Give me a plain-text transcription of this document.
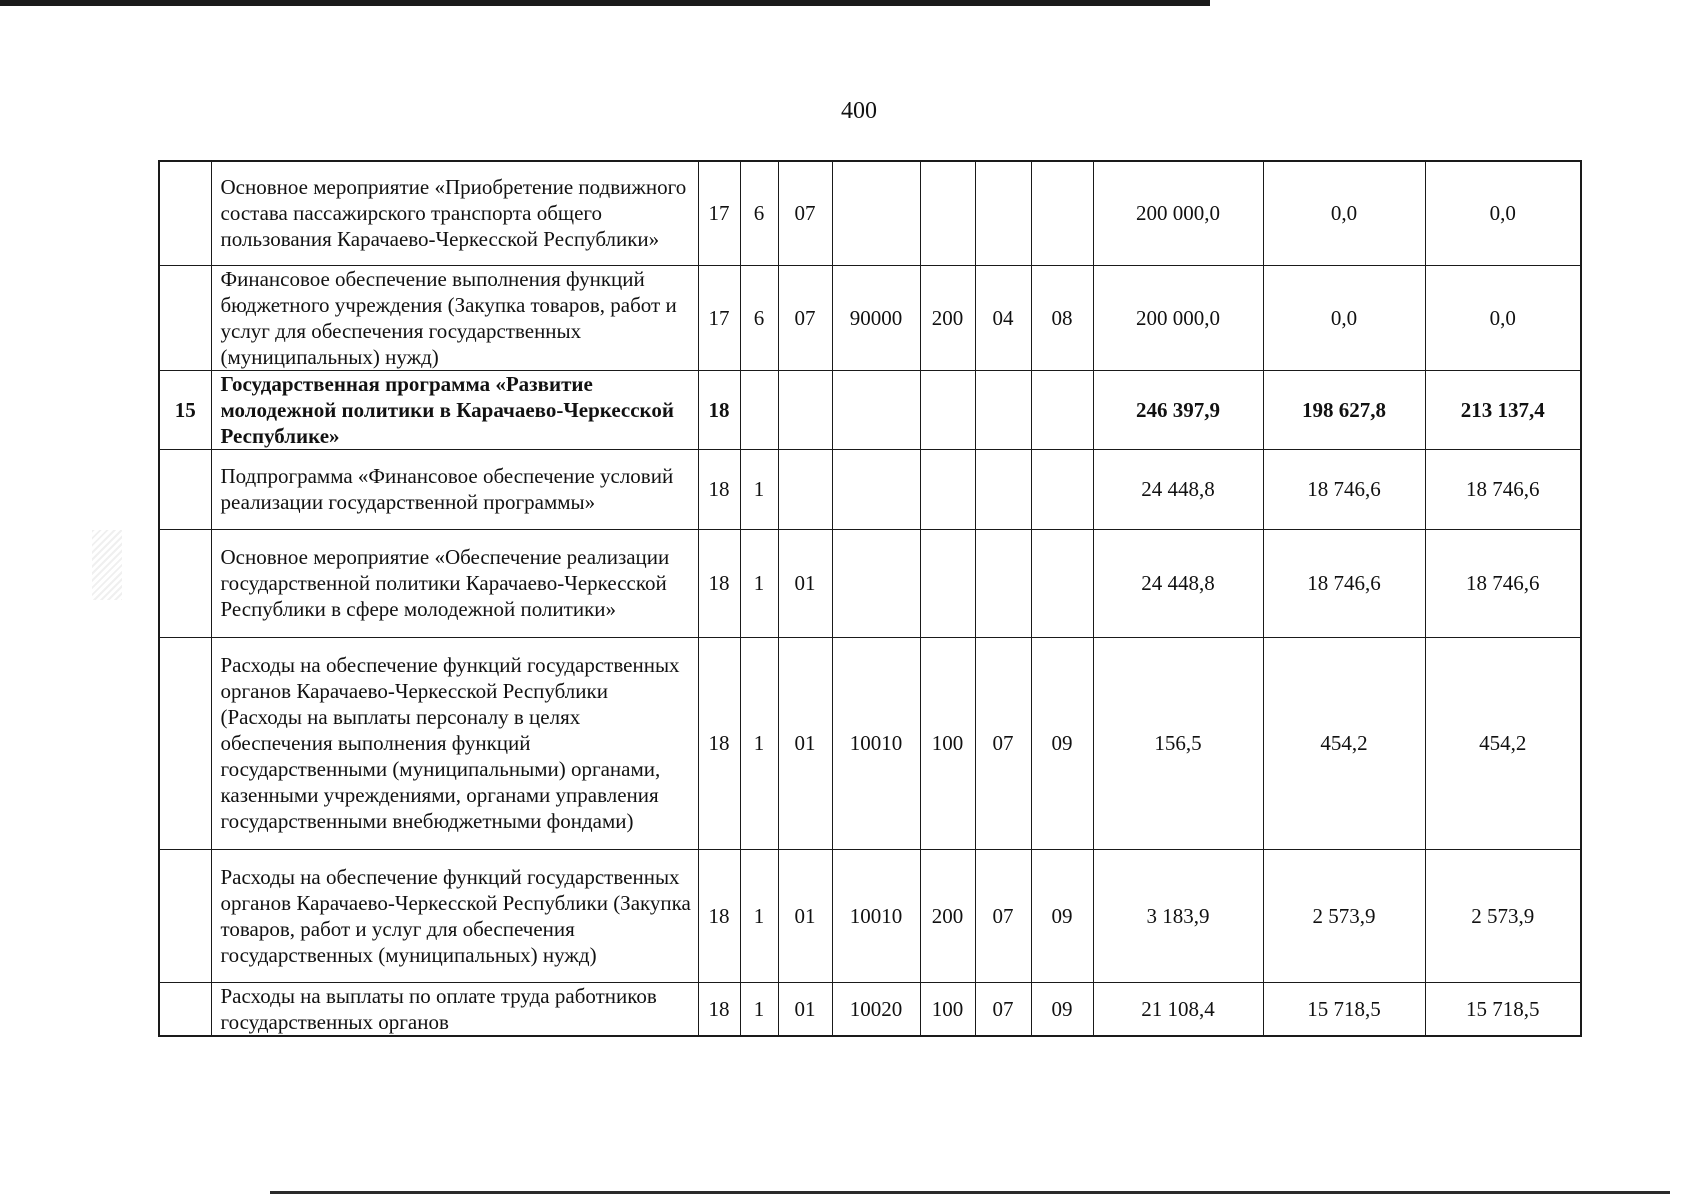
400
	Основное мероприятие «Приобретение подвижного состава пассажирского транспорта общего пользования Карачаево-Черкесской Республики»	17	6	07					200 000,0	0,0	0,0
	Финансовое обеспечение выполнения функций бюджетного учреждения (Закупка товаров, работ и услуг для обеспечения государственных (муниципальных) нужд)	17	6	07	90000	200	04	08	200 000,0	0,0	0,0
15	Государственная программа «Развитие молодежной политики в Карачаево-Черкесской Республике»	18							246 397,9	198 627,8	213 137,4
	Подпрограмма «Финансовое обеспечение условий реализации государственной программы»	18	1						24 448,8	18 746,6	18 746,6
	Основное мероприятие «Обеспечение реализации государственной политики Карачаево-Черкесской Республики в сфере молодежной политики»	18	1	01					24 448,8	18 746,6	18 746,6
	Расходы на обеспечение функций государственных органов Карачаево-Черкесской Республики (Расходы на выплаты персоналу в целях обеспечения выполнения функций государственными (муниципальными) органами, казенными учреждениями, органами управления государственными внебюджетными фондами)	18	1	01	10010	100	07	09	156,5	454,2	454,2
	Расходы на обеспечение функций государственных органов Карачаево-Черкесской Республики (Закупка товаров, работ и услуг для обеспечения государственных (муниципальных) нужд)	18	1	01	10010	200	07	09	3 183,9	2 573,9	2 573,9
	Расходы на выплаты по оплате труда работников государственных органов	18	1	01	10020	100	07	09	21 108,4	15 718,5	15 718,5
